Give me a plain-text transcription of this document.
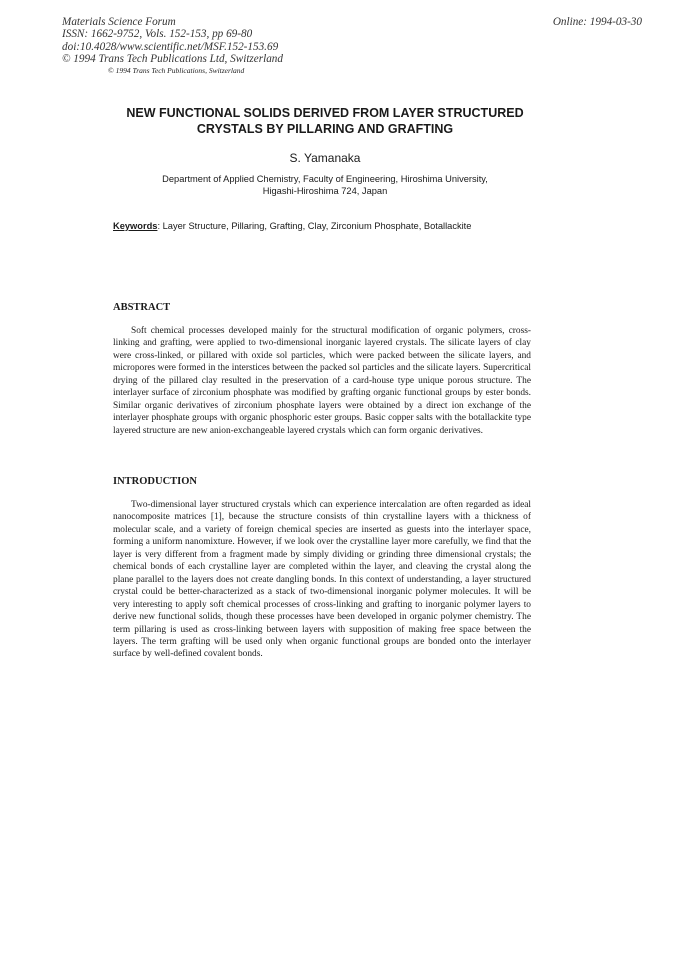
Materials Science Forum
ISSN: 1662-9752, Vols. 152-153, pp 69-80
doi:10.4028/www.scientific.net/MSF.152-153.69
© 1994 Trans Tech Publications Ltd, Switzerland
Online: 1994-03-30
© 1994 Trans Tech Publications, Switzerland
NEW FUNCTIONAL SOLIDS DERIVED FROM LAYER STRUCTURED CRYSTALS BY PILLARING AND GRAFTING
S. Yamanaka
Department of Applied Chemistry, Faculty of Engineering, Hiroshima University,
Higashi-Hiroshima 724, Japan
Keywords: Layer Structure, Pillaring, Grafting, Clay, Zirconium Phosphate, Botallackite
ABSTRACT

Soft chemical processes developed mainly for the structural modification of organic polymers, cross-linking and grafting, were applied to two-dimensional inorganic layered crystals. The silicate layers of clay were cross-linked, or pillared with oxide sol particles, which were packed between the silicate layers, and micropores were formed in the interstices between the packed sol particles and the silicate layers. Supercritical drying of the pillared clay resulted in the preservation of a card-house type unique porous structure. The interlayer surface of zirconium phosphate was modified by grafting organic functional groups by ester bonds. Similar organic derivatives of zirconium phosphate layers were obtained by a direct ion exchange of the interlayer phosphate groups with organic phosphoric ester groups. Basic copper salts with the botallackite type layered structure are new anion-exchangeable layered crystals which can form organic derivatives.

INTRODUCTION

Two-dimensional layer structured crystals which can experience intercalation are often regarded as ideal nanocomposite matrices [1], because the structure consists of thin crystalline layers with a thickness of molecular scale, and a variety of foreign chemical species are inserted as guests into the interlayer space, forming a uniform nanomixture. However, if we look over the crystalline layer more carefully, we find that the layer is very different from a fragment made by simply dividing or grinding three dimensional crystals; the chemical bonds of each crystalline layer are completed within the layer, and cleaving the crystal along the plane parallel to the layers does not create dangling bonds. In this context of understanding, a layer structured crystal could be better-characterized as a stack of two-dimensional inorganic polymer molecules. It will be very interesting to apply soft chemical processes of cross-linking and grafting to inorganic polymer layers to derive new functional solids, though these processes have been developed in organic polymer chemistry. The term pillaring is used as cross-linking between layers with supposition of making free space between the layers. The term grafting will be used only when organic functional groups are bonded onto the interlayer surface by well-defined covalent bonds.
